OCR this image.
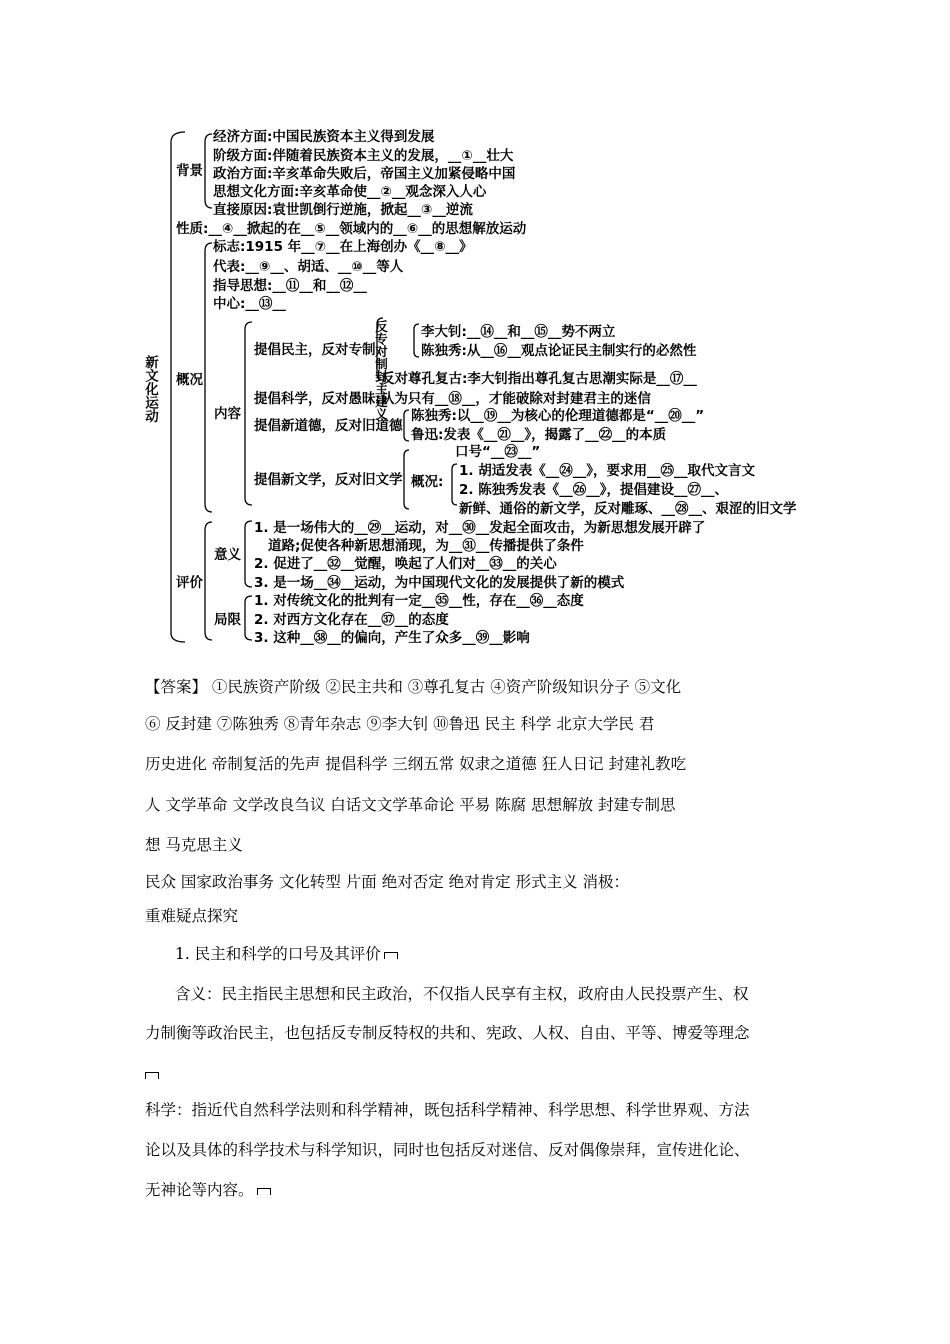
新文化运动
背景
经济方面:中国民族资本主义得到发展
阶级方面:伴随着民族资本主义的发展，__①__壮大
政治方面:辛亥革命失败后，帝国主义加紧侵略中国
思想文化方面:辛亥革命使__②__观念深入人心
直接原因:袁世凯倒行逆施，掀起__③__逆流
性质:__④__掀起的在__⑤__领域内的__⑥__的思想解放运动
概况
标志:1915 年__⑦__在上海创办《__⑧__》
代表:__⑨__、胡适、__⑩__等人
指导思想:__⑪__和__⑫__
中心:__⑬__
内容
提倡民主，反对专制
反专对制封主建义 李大钊:__⑭__和__⑮__势不两立
陈独秀:从__⑯__观点论证民主制实行的必然性
反对尊孔复古:李大钊指出尊孔复古思潮实际是__⑰__
提倡科学，反对愚昧:认为只有__⑱__，才能破除对封建君主的迷信
提倡新道德，反对旧道德
陈独秀:以__⑲__为核心的伦理道德都是“__⑳__”
鲁迅:发表《__㉑__》，揭露了__㉒__的本质
提倡新文学，反对旧文学
口号“__㉓__”
概况:
1. 胡适发表《__㉔__》，要求用__㉕__取代文言文
2. 陈独秀发表《__㉖__》，提倡建设__㉗__、
新鲜、通俗的新文学，反对雕琢、__㉘__、艰涩的旧文学
评价
意义
1. 是一场伟大的__㉙__运动，对__㉚__发起全面攻击，为新思想发展开辟了
道路;促使各种新思想涌现，为__㉛__传播提供了条件
2. 促进了__㉜__觉醒，唤起了人们对__㉝__的关心
3. 是一场__㉞__运动，为中国现代文化的发展提供了新的模式
局限
1. 对传统文化的批判有一定__㉟__性，存在__㊱__态度
2. 对西方文化存在__㊲__的态度
3. 这种__㊳__的偏向，产生了众多__㊴__影响

【答案】 ①民族资产阶级 ②民主共和 ③尊孔复古 ④资产阶级知识分子 ⑤文化

⑥ 反封建 ⑦陈独秀 ⑧青年杂志 ⑨李大钊 ⑩鲁迅 民主 科学 北京大学民 君

历史进化 帝制复活的先声 提倡科学 三纲五常 奴隶之道德 狂人日记 封建礼教吃

人 文学革命 文学改良刍议 白话文文学革命论 平易 陈腐 思想解放 封建专制思

想 马克思主义

民众 国家政治事务 文化转型 片面 绝对否定 绝对肯定 形式主义 消极：

重难疑点探究

1. 民主和科学的口号及其评价

含义：民主指民主思想和民主政治，不仅指人民享有主权，政府由人民投票产生、权

力制衡等政治民主，也包括反专制反特权的共和、宪政、人权、自由、平等、博爱等理念

科学：指近代自然科学法则和科学精神，既包括科学精神、科学思想、科学世界观、方法

论以及具体的科学技术与科学知识，同时也包括反对迷信、反对偶像崇拜，宣传进化论、

无神论等内容。
